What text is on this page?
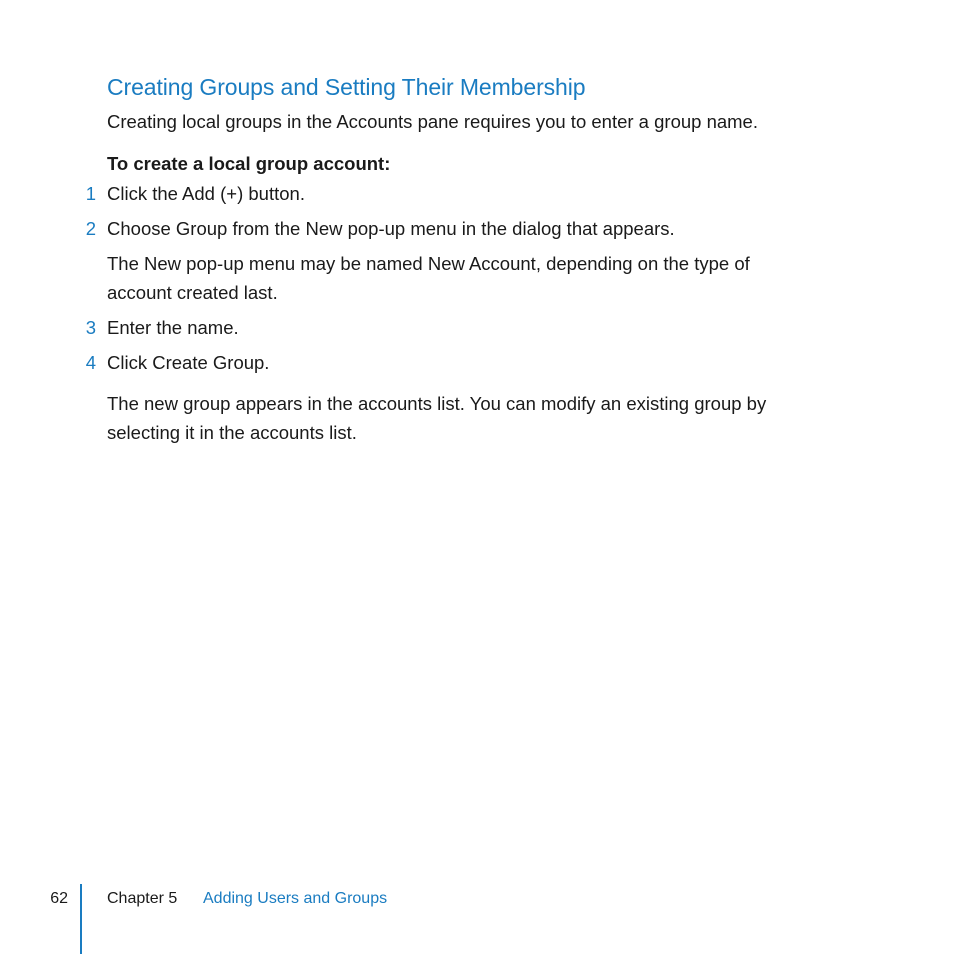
Creating Groups and Setting Their Membership

Creating local groups in the Accounts pane requires you to enter a group name.

To create a local group account:

1 Click the Add (+) button.
2 Choose Group from the New pop-up menu in the dialog that appears.
The New pop-up menu may be named New Account, depending on the type of
account created last.
3 Enter the name.
4 Click Create Group.
The new group appears in the accounts list. You can modify an existing group by
selecting it in the accounts list.
62 Chapter 5 Adding Users and Groups
